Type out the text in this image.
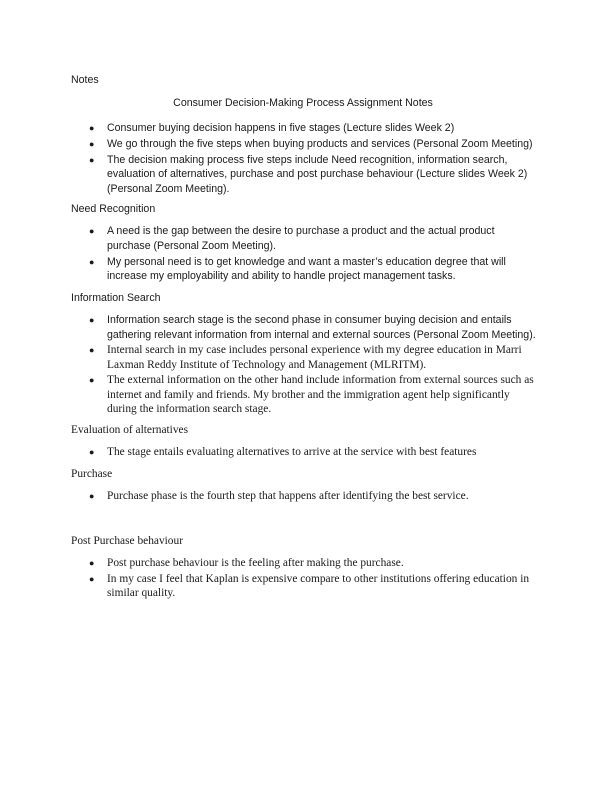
Notes
Consumer Decision-Making Process Assignment Notes
●	Consumer buying decision happens in five stages (Lecture slides Week 2)
●	We go through the five steps when buying products and services (Personal Zoom Meeting)
●	The decision making process five steps include Need recognition, information search, evaluation of alternatives, purchase and post purchase behaviour (Lecture slides Week 2) (Personal Zoom Meeting).
Need Recognition
●	A need is the gap between the desire to purchase a product and the actual product purchase (Personal Zoom Meeting).
●	My personal need is to get knowledge and want a master’s education degree that will increase my employability and ability to handle project management tasks.
Information Search
●	Information search stage is the second phase in consumer buying decision and entails gathering relevant information from internal and external sources (Personal Zoom Meeting).
●	Internal search in my case includes personal experience with my degree education in Marri Laxman Reddy Institute of Technology and Management (MLRITM).
●	The external information on the other hand include information from external sources such as internet and family and friends. My brother and the immigration agent help significantly during the information search stage.
Evaluation of alternatives
●	The stage entails evaluating alternatives to arrive at the service with best features
Purchase
●	Purchase phase is the fourth step that happens after identifying the best service.
Post Purchase behaviour
●	Post purchase behaviour is the feeling after making the purchase.
●	In my case I feel that Kaplan is expensive compare to other institutions offering education in similar quality.
